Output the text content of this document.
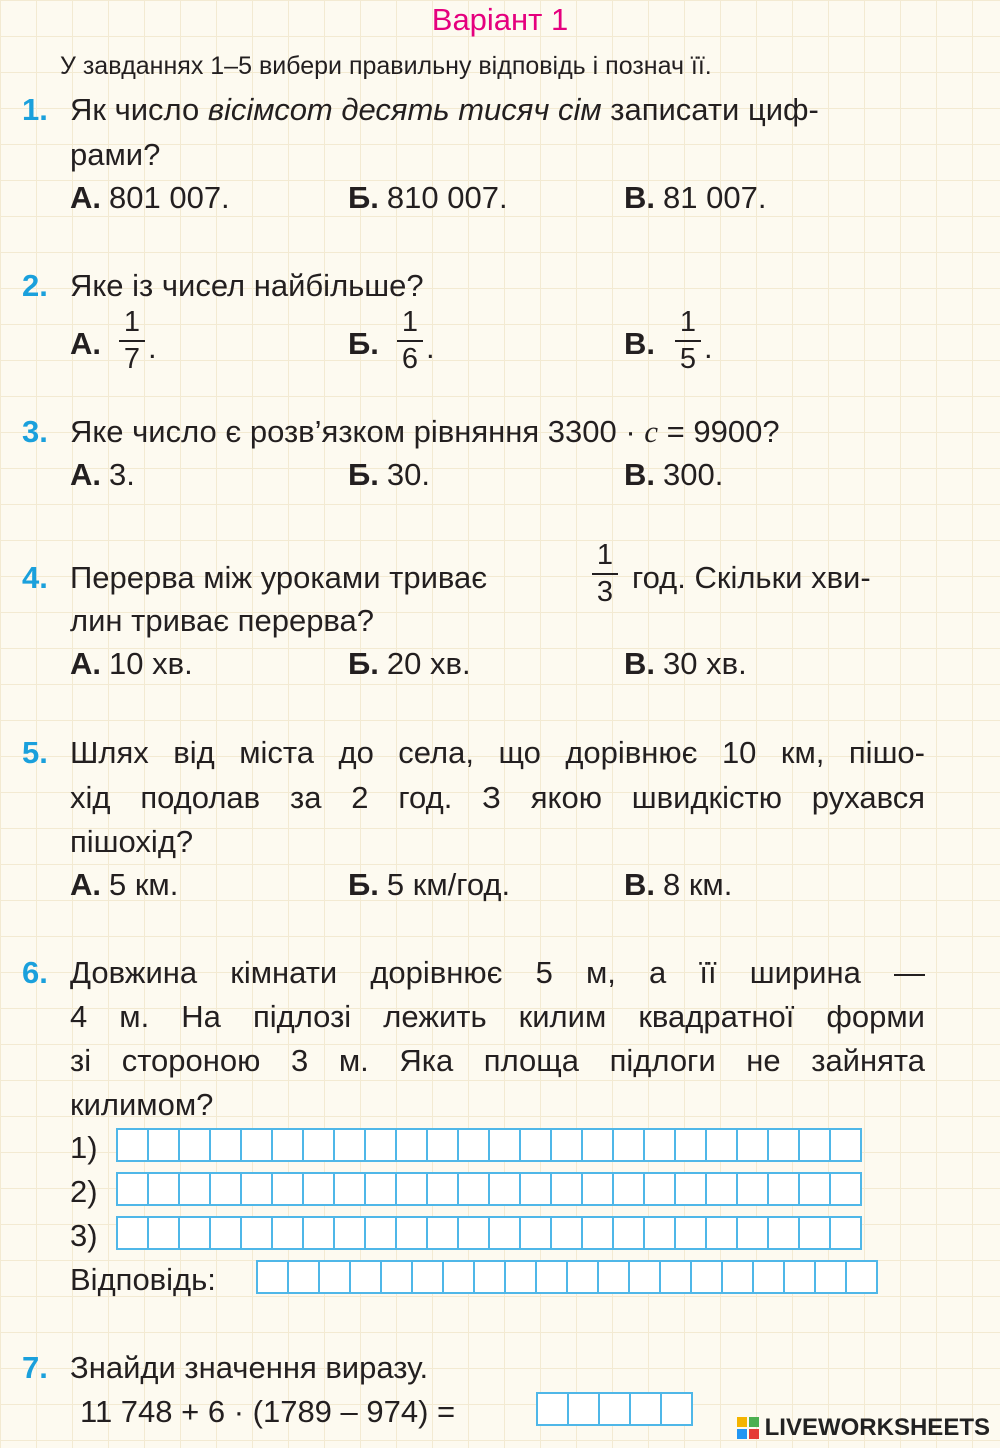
Варіант 1
У завданнях 1–5 вибери правильну відповідь і познач її.
1. Як число вісімсот десять тисяч сім записати циф-
рами?
А. 801 007.	Б. 810 007.	В. 81 007.
2. Яке із чисел найбільше?
А.
1
7 .	Б.
1
6 .	В.
1
5 .
3. Яке число є розв’язком рівняння 3300 · c = 9900?
А. 3.	Б. 30.	В. 300.
4. Перерва між уроками триває
1
3 год. Скільки хви-
лин триває перерва?
А. 10 хв.	Б. 20 хв.	В. 30 хв.
5. Шлях від міста до села, що дорівнює 10 км, пішо-
хід подолав за 2 год. З якою швидкістю рухався
пішохід?
А. 5 км.	Б. 5 км/год.	В. 8 км.
6. Довжина кімнати дорівнює 5 м, а її ширина —
4 м. На підлозі лежить килим квадратної форми
зі стороною 3 м. Яка площа підлоги не зайнята
килимом?
1)
2)
3)
Відповідь:
7. Знайди значення виразу.
11 748 + 6 · (1789 – 974) =	LIVEWORKSHEETS
